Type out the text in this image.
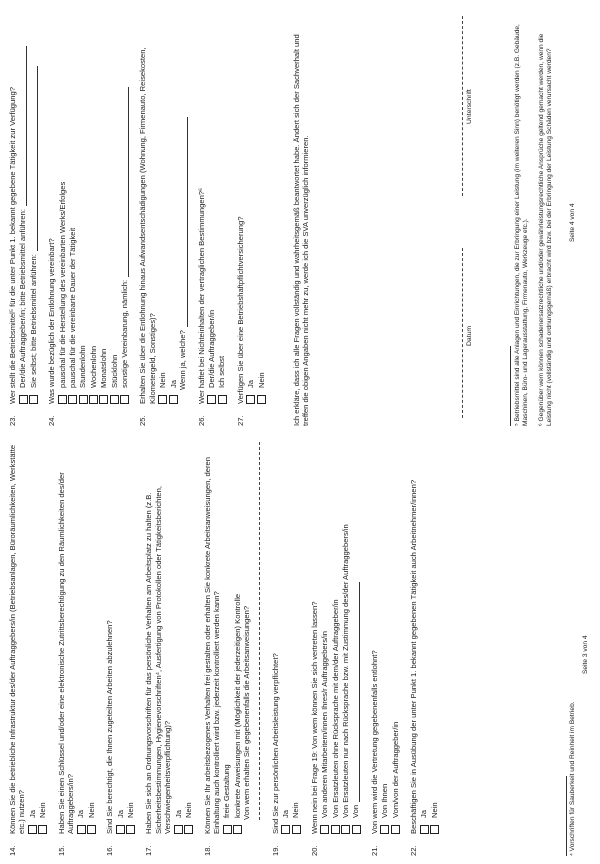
14.
Können Sie die betriebliche Infrastruktur des/der Auftraggebers/in (Betriebsanlagen, Büroräumlichkeiten, Werkstätte etc.) nutzen? Ja Nein
15.
Haben Sie einen Schlüssel und/oder eine elektronische Zutrittsberechtigung zu den Räumlichkeiten des/der Auftraggebers/in? Ja Nein
16.
Sind Sie berechtigt, die Ihnen zugeteilten Arbeiten abzulehnen? Ja Nein
17.
Haben Sie sich an Ordnungsvorschriften für das persönliche Verhalten am Arbeitsplatz zu halten (z.B. Sicherheitsbestimmungen, Hygienevorschriften⁴, Ausfertigung von Protokollen oder Tätigkeitsberichten, Verschwiegenheitsverpflichtung)? Ja Nein
18.
Können Sie Ihr arbeitsbezogenes Verhalten frei gestalten oder erhalten Sie konkrete Arbeitsanweisungen, deren Einhaltung auch kontrolliert wird bzw. jederzeit kontrolliert werden kann? freie Gestaltung konkrete Anweisungen mit (Möglichkeit der jederzeitigen) Kontrolle Von wem erhalten Sie gegebenenfalls die Arbeitsanweisungen?
19.
Sind Sie zur persönlichen Arbeitsleistung verpflichtet? Ja Nein
20.
Wenn nein bei Frage 19: Von wem können Sie sich vertreten lassen? Von anderen Mitarbeitern/innen Ihres/r Auftraggebers/in Von Ersatzleuten ohne Rücksprache mit dem/der Auftraggeber/in Von Ersatzleuten nur nach Rücksprache bzw. mit Zustimmung des/der Auftraggebers/in Von
21.
Von wem wird die Vertretung gegebenenfalls entlohnt? Von Ihnen Vom/von der Auftraggeber/in
22.
Beschäftigen Sie in Ausübung der unter Punkt 1. bekannt gegebenen Tätigkeit auch Arbeitnehmer/innen? Ja Nein	⁴ Vorschriften für Sauberkeit und Reinheit im Betrieb.
Seite 3 von 4
23.
Wer stellt die Betriebsmittel⁵ für die unter Punkt 1. bekannt gegebene Tätigkeit zur Verfügung? Der/die Auftraggeber/in; bitte Betriebsmittel anführen: Sie selbst; bitte Betriebsmittel anführen:
24.
Was wurde bezüglich der Entlohnung vereinbart? pauschal für die Herstellung des vereinbarten Werks/Erfolges pauschal für die vereinbarte Dauer der Tätigkeit Stundenlohn Wochenlohn Monatslohn Stücklohn sonstige Vereinbarung, nämlich:
25.
Erhalten Sie über die Entlohnung hinaus Aufwandsentschädigungen (Wohnung, Firmenauto, Reisekosten, Kilometergeld, Sonstiges)? Nein Ja Wenn ja, welche?
26.
Wer haftet bei Nichteinhalten der vertraglichen Bestimmungen?⁶ Der/die Auftraggeber/in Ich selbst
27.
Verfügen Sie über eine Betriebshaftpflichtversicherung? Ja Nein	Ich erkläre, dass ich alle Fragen vollständig und wahrheitsgemäß beantwortet habe. Ändert sich der Sachverhalt und treffen die obigen Angaben nicht mehr zu, werde ich die SVA unverzüglich informieren.	Datum
Unterschrift	⁵ Betriebsmittel sind alle Anlagen und Einrichtungen, die zur Erbringung einer Leistung (im weiteren Sinn) benötigt werden (z.B. Gebäude, Maschinen, Büro- und Lagerausstattung, Firmenauto, Werkzeuge etc.). ⁶ Gegenüber wem können schadenersatzrechtliche und/oder gewährleistungsrechtliche Ansprüche geltend gemacht werden, wenn die Leistung nicht (vollständig und ordnungsgemäß) erbracht wird bzw. bei der Erbringung der Leistung Schäden verursacht werden? Seite 4 von 4
